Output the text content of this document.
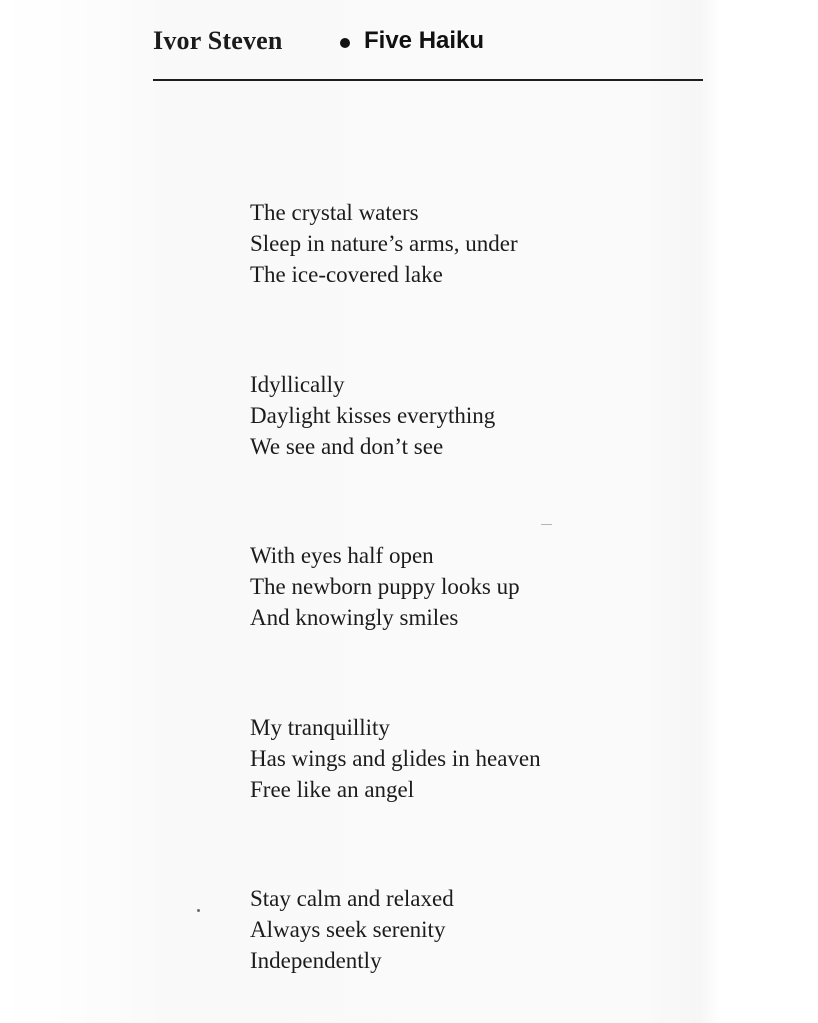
Ivor Steven	Five Haiku
The crystal waters
Sleep in nature’s arms, under
The ice-covered lake
Idyllically
Daylight kisses everything
We see and don’t see
With eyes half open
The newborn puppy looks up
And knowingly smiles
My tranquillity
Has wings and glides in heaven
Free like an angel
Stay calm and relaxed
Always seek serenity
Independently
